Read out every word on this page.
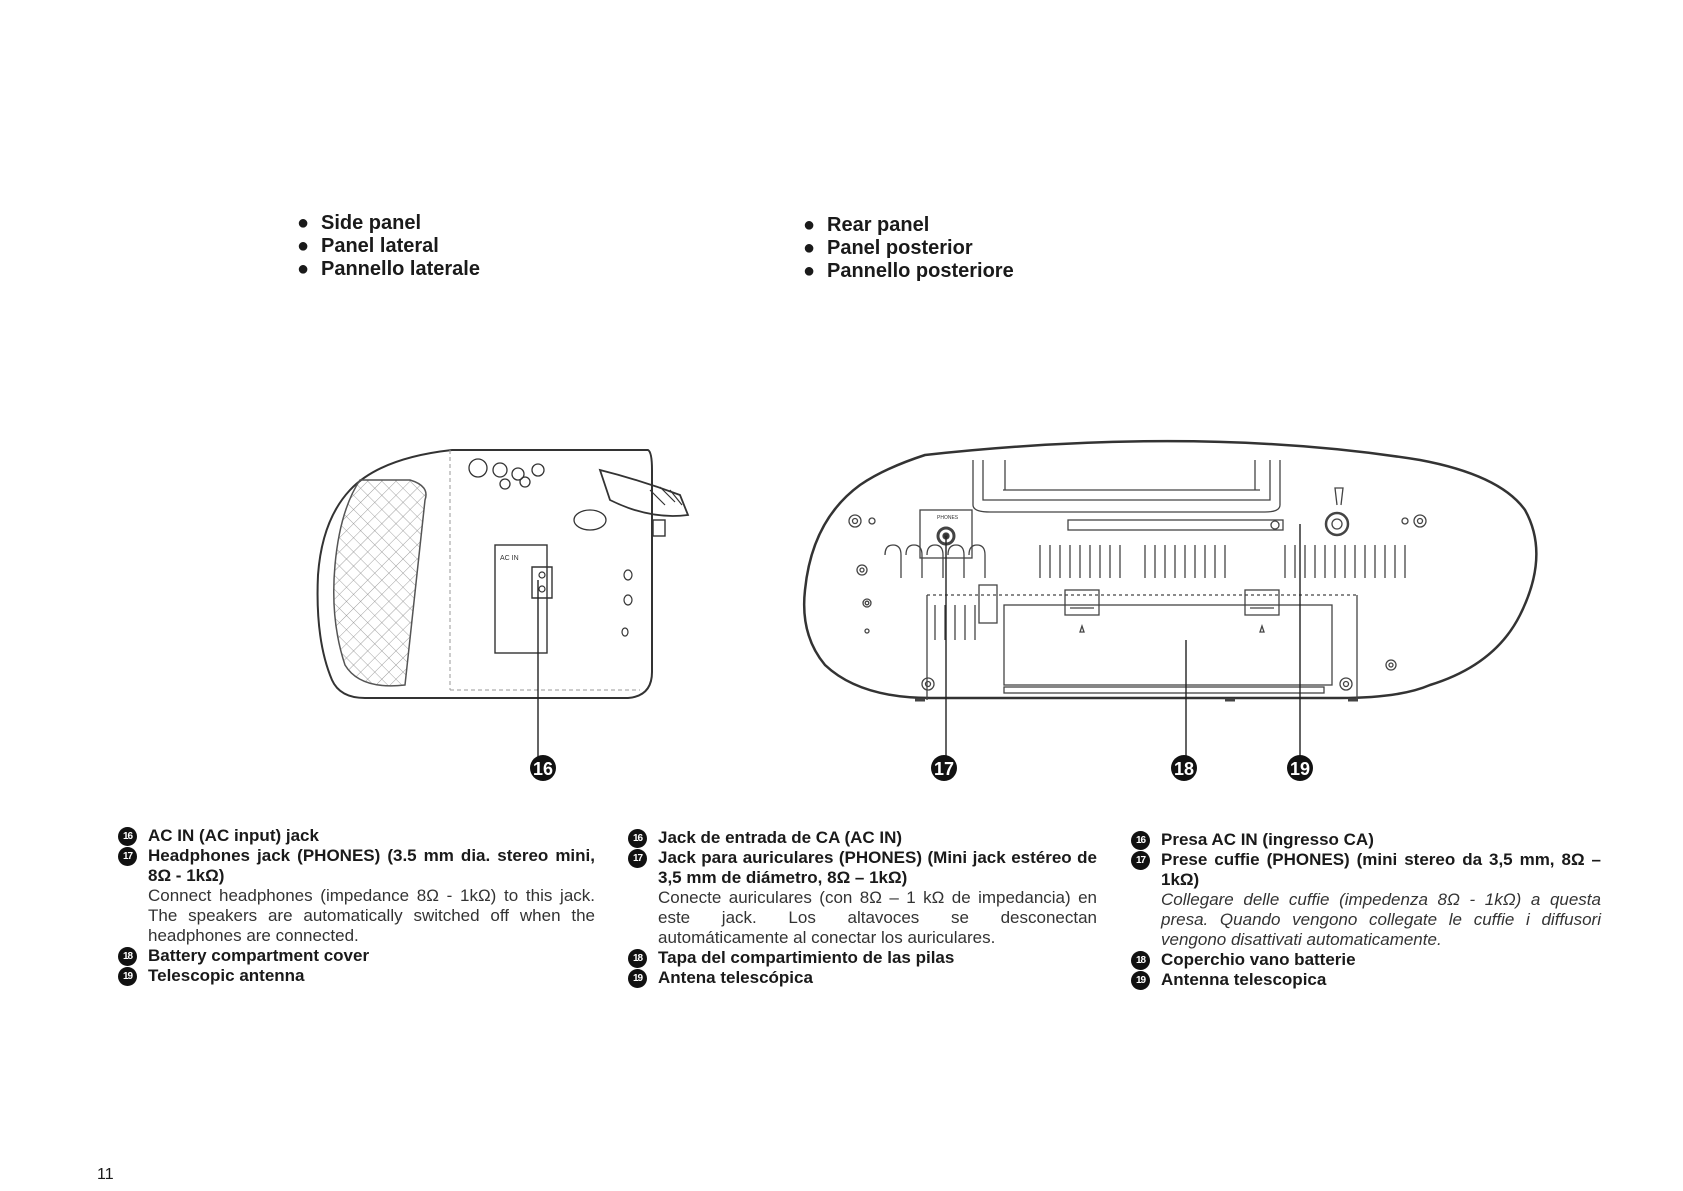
● Side panel
● Panel lateral
● Pannello laterale
● Rear panel
● Panel posterior
● Pannello posteriore
AC IN
PHONES
16	17	18	19
16 AC IN (AC input) jack
17 Headphones jack (PHONES) (3.5 mm dia. stereo mini, 8Ω - 1kΩ)
Connect headphones (impedance 8Ω - 1kΩ) to this jack. The speakers are automatically switched off when the headphones are connected.
18 Battery compartment cover
19 Telescopic antenna
16 Jack de entrada de CA (AC IN)
17 Jack para auriculares (PHONES) (Mini jack estéreo de 3,5 mm de diámetro, 8Ω – 1kΩ)
Conecte auriculares (con 8Ω – 1 kΩ de impedancia) en este jack. Los altavoces se desconectan automáticamente al conectar los auriculares.
18 Tapa del compartimiento de las pilas
19 Antena telescópica
16 Presa AC IN (ingresso CA)
17 Prese cuffie (PHONES) (mini stereo da 3,5 mm, 8Ω – 1kΩ)
Collegare delle cuffie (impedenza 8Ω - 1kΩ) a questa presa. Quando vengono collegate le cuffie i diffusori vengono disattivati automaticamente.
18 Coperchio vano batterie
19 Antenna telescopica
11
